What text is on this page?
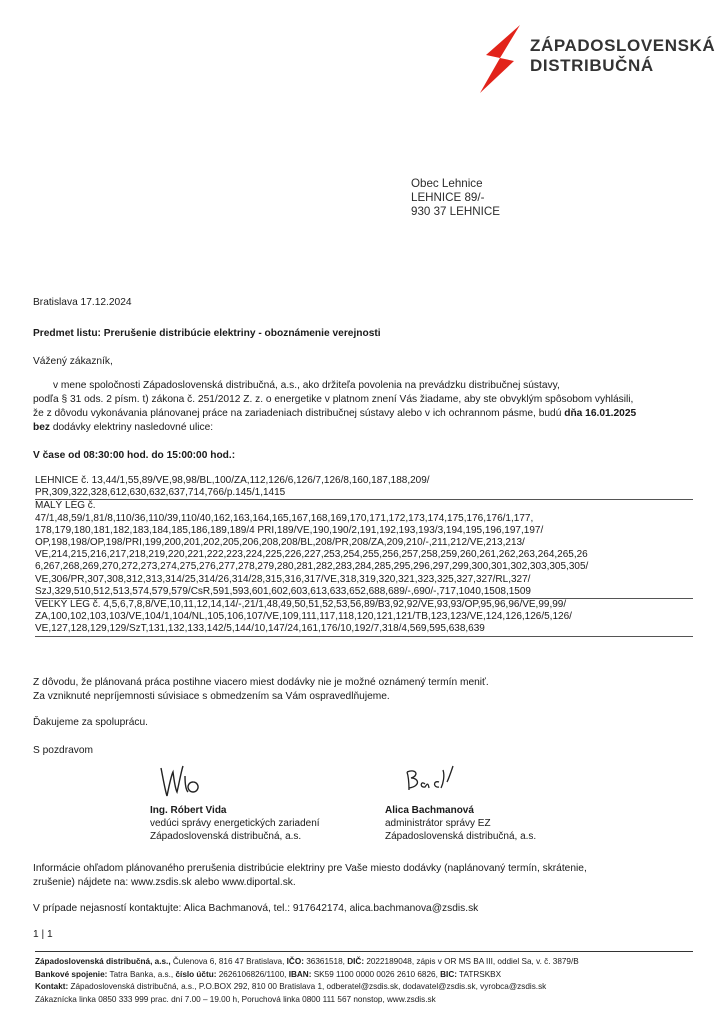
ZÁPADOSLOVENSKÁ
DISTRIBUČNÁ
Obec Lehnice
LEHNICE 89/-
930 37 LEHNICE
Bratislava 17.12.2024
Predmet listu: Prerušenie distribúcie elektriny - oboznámenie verejnosti
Vážený zákazník,
v mene spoločnosti Západoslovenská distribučná, a.s., ako držiteľa povolenia na prevádzku distribučnej sústavy,
podľa § 31 ods. 2 písm. t) zákona č. 251/2012 Z. z. o energetike v platnom znení Vás žiadame, aby ste obvyklým spôsobom vyhlásili,
že z dôvodu vykonávania plánovanej práce na zariadeniach distribučnej sústavy alebo v ich ochrannom pásme, budú dňa 16.01.2025
bez dodávky elektriny nasledovné ulice:
V čase od 08:30:00 hod. do 15:00:00 hod.:
LEHNICE č. 13,44/1,55,89/VE,98,98/BL,100/ZA,112,126/6,126/7,126/8,160,187,188,209/
PR,309,322,328,612,630,632,637,714,766/p.145/1,1415
MALÝ LÉG č.
47/1,48,59/1,81/8,110/36,110/39,110/40,162,163,164,165,167,168,169,170,171,172,173,174,175,176,176/1,177,
178,179,180,181,182,183,184,185,186,189,189/4 PRI,189/VE,190,190/2,191,192,193,193/3,194,195,196,197,197/
OP,198,198/OP,198/PRI,199,200,201,202,205,206,208,208/BL,208/PR,208/ZA,209,210/-,211,212/VE,213,213/
VE,214,215,216,217,218,219,220,221,222,223,224,225,226,227,253,254,255,256,257,258,259,260,261,262,263,264,265,26
6,267,268,269,270,272,273,274,275,276,277,278,279,280,281,282,283,284,285,295,296,297,299,300,301,302,303,305,305/
VE,306/PR,307,308,312,313,314/25,314/26,314/28,315,316,317/VE,318,319,320,321,323,325,327,327/RL,327/
SzJ,329,510,512,513,574,579,579/CsR,591,593,601,602,603,613,633,652,688,689/-,690/-,717,1040,1508,1509
VEĽKÝ LÉG č. 4,5,6,7,8,8/VE,10,11,12,14,14/-,21/1,48,49,50,51,52,53,56,89/B3,92,92/VE,93,93/OP,95,96,96/VE,99,99/
ZA,100,102,103,103/VE,104/1,104/NL,105,106,107/VE,109,111,117,118,120,121,121/TB,123,123/VE,124,126,126/5,126/
VE,127,128,129,129/SzT,131,132,133,142/5,144/10,147/24,161,176/10,192/7,318/4,569,595,638,639
Z dôvodu, že plánovaná práca postihne viacero miest dodávky nie je možné oznámený termín meniť.
Za vzniknuté nepríjemnosti súvisiace s obmedzením sa Vám ospravedlňujeme.
Ďakujeme za spoluprácu.
S pozdravom
Ing. Róbert Vida
vedúci správy energetických zariadení
Západoslovenská distribučná, a.s.
Alica Bachmanová
administrátor správy EZ
Západoslovenská distribučná, a.s.
Informácie ohľadom plánovaného prerušenia distribúcie elektriny pre Vaše miesto dodávky (naplánovaný termín, skrátenie,
zrušenie) nájdete na: www.zsdis.sk alebo www.diportal.sk.
V prípade nejasností kontaktujte: Alica Bachmanová, tel.: 917642174, alica.bachmanova@zsdis.sk
1 | 1
Západoslovenská distribučná, a.s., Čulenova 6, 816 47 Bratislava, IČO: 36361518, DIČ: 2022189048, zápis v OR MS BA III, oddiel Sa, v. č. 3879/B
Bankové spojenie: Tatra Banka, a.s., číslo účtu: 2626106826/1100, IBAN: SK59 1100 0000 0026 2610 6826, BIC: TATRSKBX
Kontakt: Západoslovenská distribučná, a.s., P.O.BOX 292, 810 00 Bratislava 1, odberatel@zsdis.sk, dodavatel@zsdis.sk, vyrobca@zsdis.sk
Zákaznícka linka 0850 333 999 prac. dní 7.00 – 19.00 h, Poruchová linka 0800 111 567 nonstop, www.zsdis.sk
